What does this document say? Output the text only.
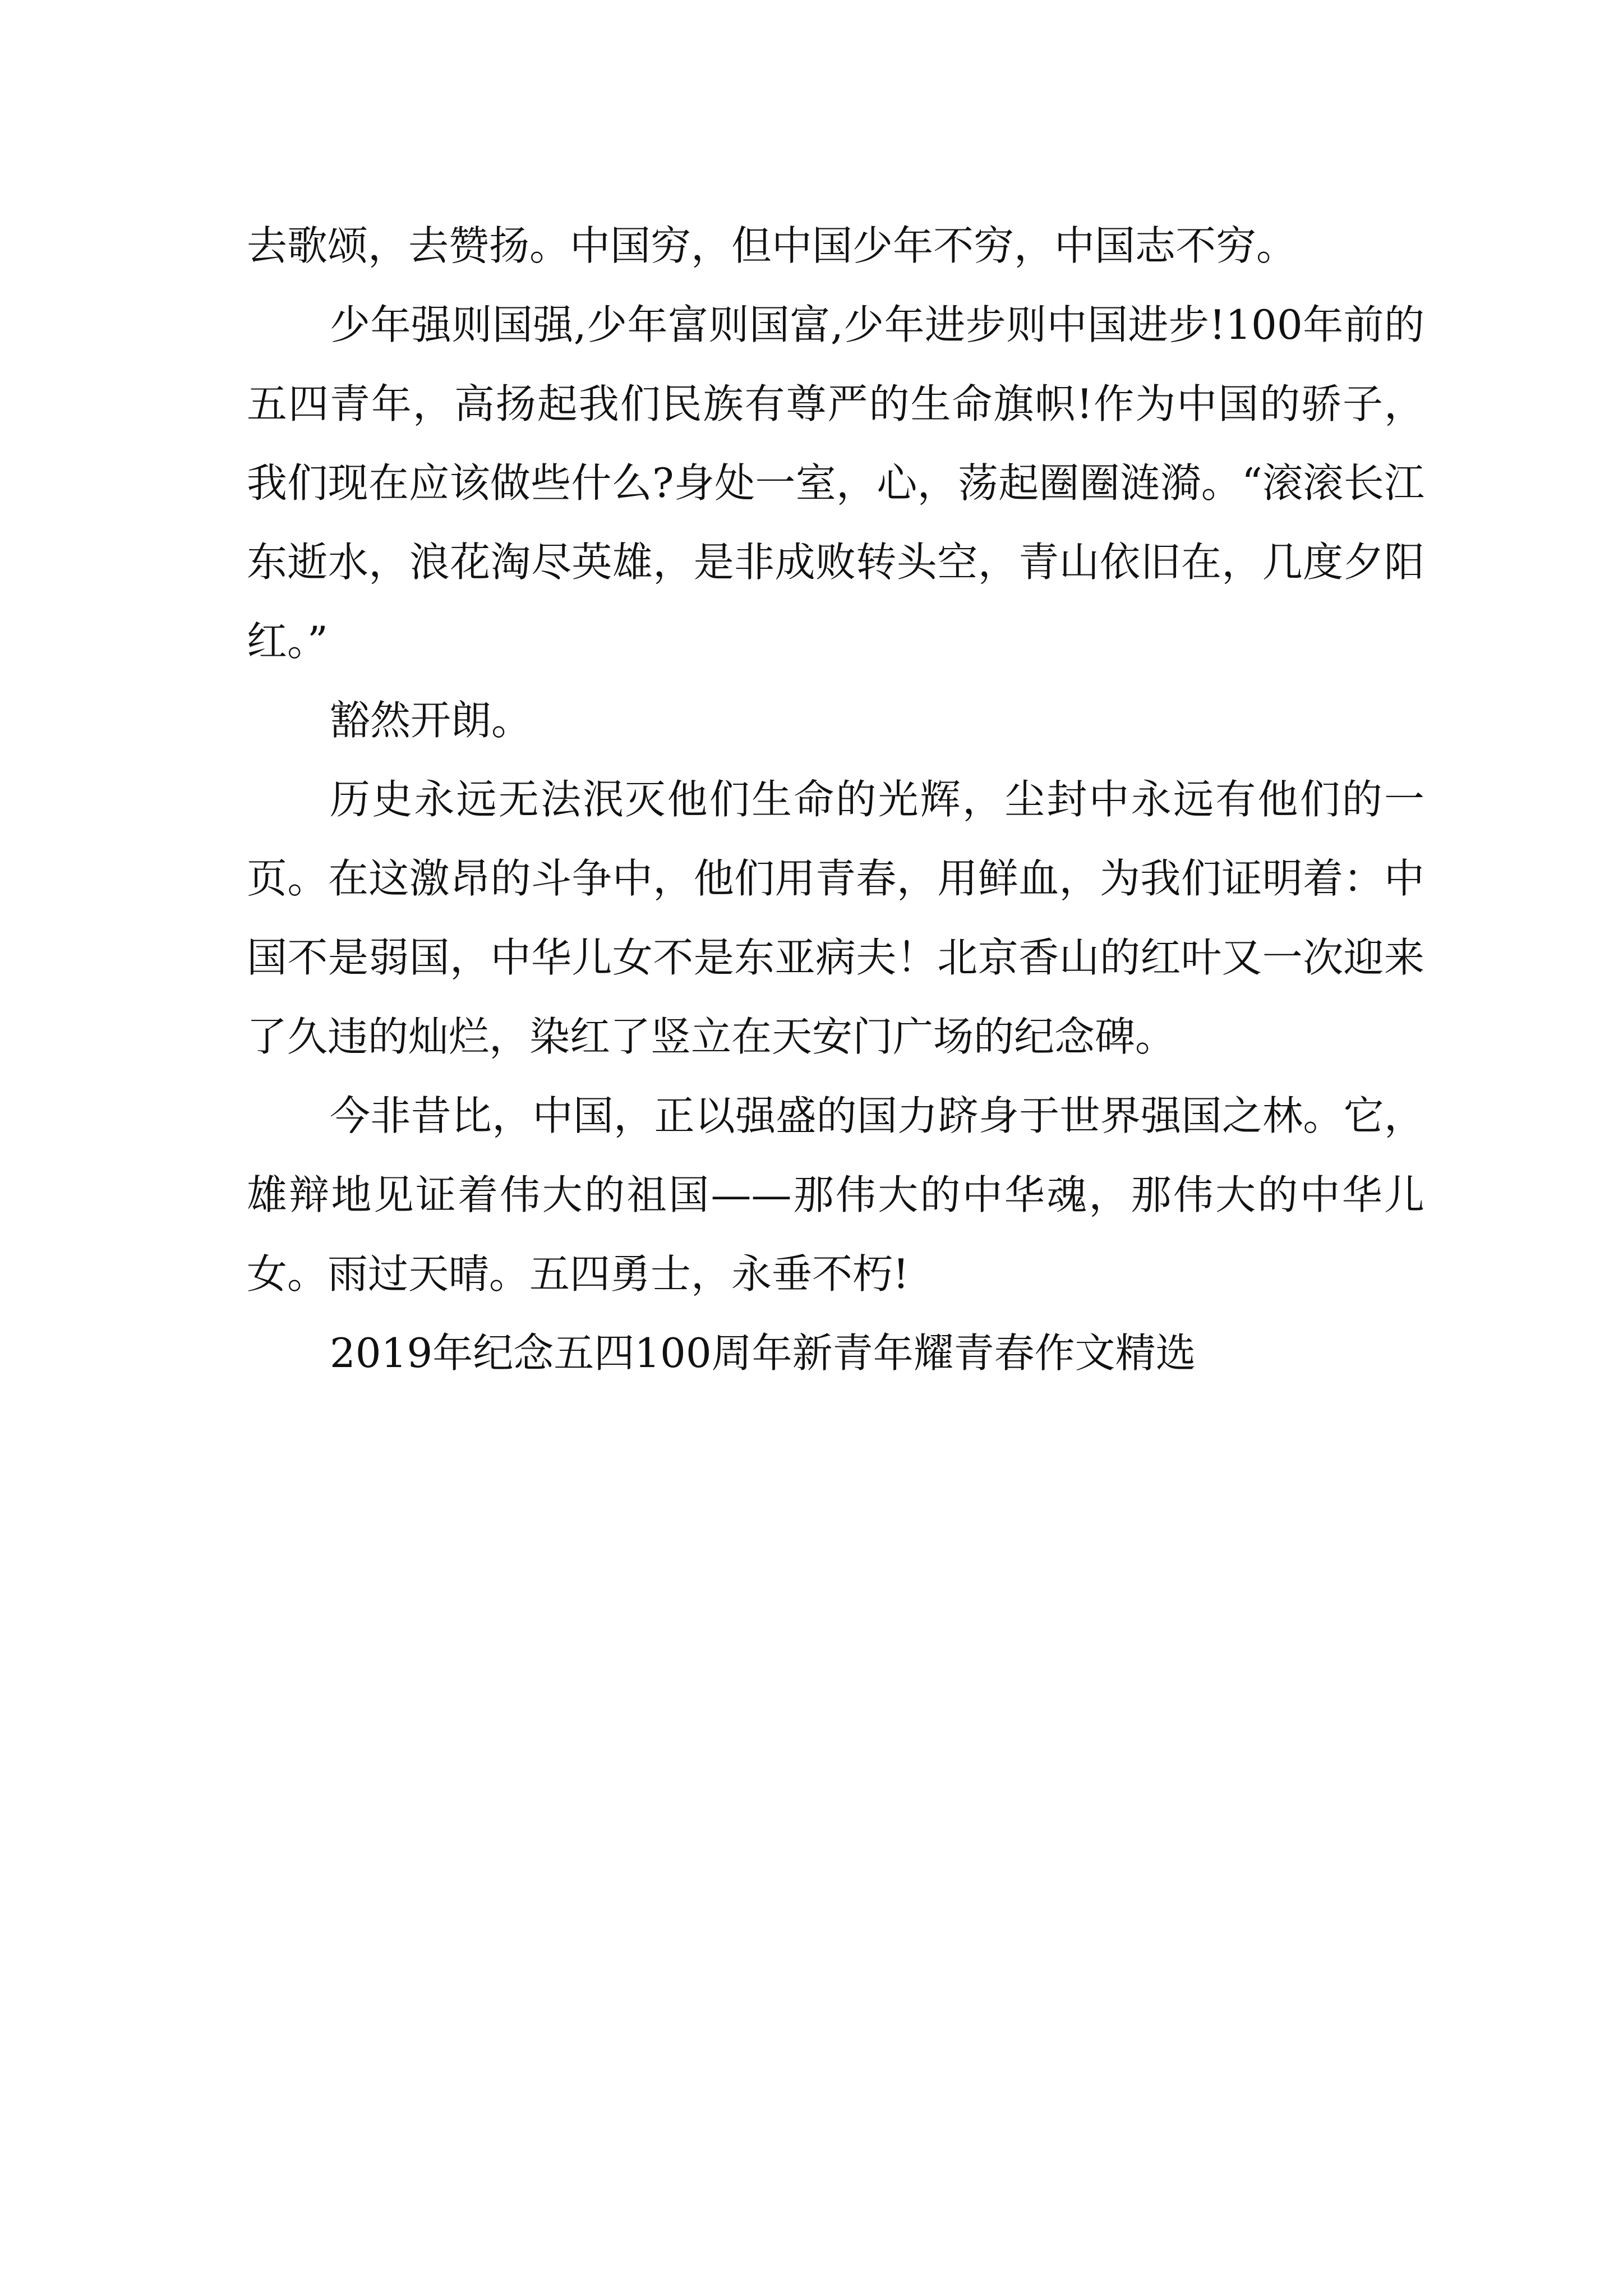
去歌颂，去赞扬。中国穷，但中国少年不穷，中国志不穷。

少年强则国强,少年富则国富,少年进步则中国进步!100年前的五四青年，高扬起我们民族有尊严的生命旗帜!作为中国的骄子，我们现在应该做些什么?身处一室，心，荡起圈圈涟漪。“滚滚长江东逝水，浪花淘尽英雄，是非成败转头空，青山依旧在，几度夕阳红。”

豁然开朗。

历史永远无法泯灭他们生命的光辉，尘封中永远有他们的一页。在这激昂的斗争中，他们用青春，用鲜血，为我们证明着：中国不是弱国，中华儿女不是东亚病夫！北京香山的红叶又一次迎来了久违的灿烂，染红了竖立在天安门广场的纪念碑。

今非昔比，中国，正以强盛的国力跻身于世界强国之林。它，雄辩地见证着伟大的祖国——那伟大的中华魂，那伟大的中华儿女。雨过天晴。五四勇士，永垂不朽!

2019年纪念五四100周年新青年耀青春作文精选
